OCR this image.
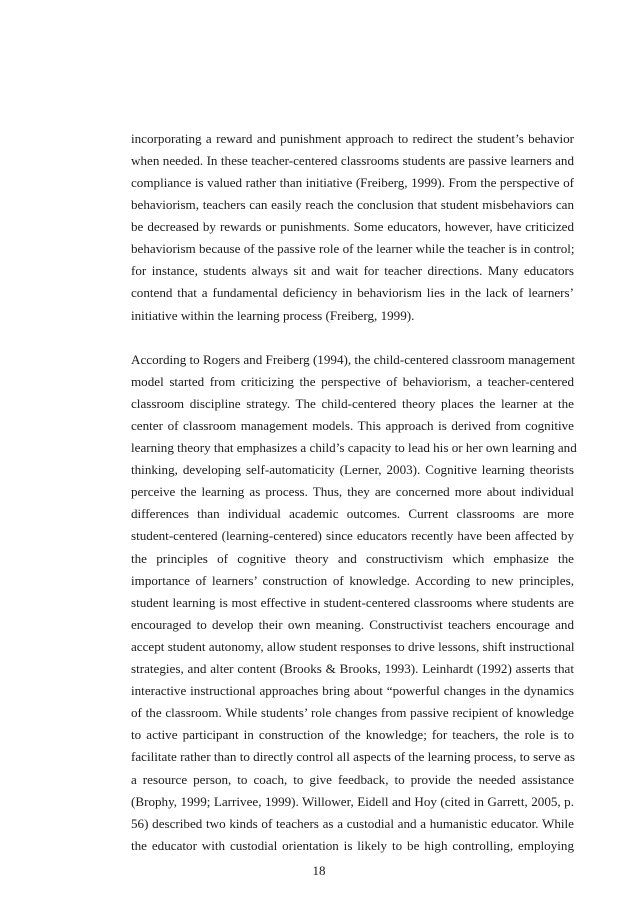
incorporating a reward and punishment approach to redirect the student’s behavior
when needed. In these teacher-centered classrooms students are passive learners and
compliance is valued rather than initiative (Freiberg, 1999). From the perspective of
behaviorism, teachers can easily reach the conclusion that student misbehaviors can
be decreased by rewards or punishments. Some educators, however, have criticized
behaviorism because of the passive role of the learner while the teacher is in control;
for instance, students always sit and wait for teacher directions. Many educators
contend that a fundamental deficiency in behaviorism lies in the lack of learners’
initiative within the learning process (Freiberg, 1999).
According to Rogers and Freiberg (1994), the child-centered classroom management
model started from criticizing the perspective of behaviorism, a teacher-centered
classroom discipline strategy. The child-centered theory places the learner at the
center of classroom management models. This approach is derived from cognitive
learning theory that emphasizes a child’s capacity to lead his or her own learning and
thinking, developing self-automaticity (Lerner, 2003). Cognitive learning theorists
perceive the learning as process. Thus, they are concerned more about individual
differences than individual academic outcomes. Current classrooms are more
student-centered (learning-centered) since educators recently have been affected by
the principles of cognitive theory and constructivism which emphasize the
importance of learners’ construction of knowledge. According to new principles,
student learning is most effective in student-centered classrooms where students are
encouraged to develop their own meaning. Constructivist teachers encourage and
accept student autonomy, allow student responses to drive lessons, shift instructional
strategies, and alter content (Brooks & Brooks, 1993). Leinhardt (1992) asserts that
interactive instructional approaches bring about “powerful changes in the dynamics
of the classroom. While students’ role changes from passive recipient of knowledge
to active participant in construction of the knowledge; for teachers, the role is to
facilitate rather than to directly control all aspects of the learning process, to serve as
a resource person, to coach, to give feedback, to provide the needed assistance
(Brophy, 1999; Larrivee, 1999). Willower, Eidell and Hoy (cited in Garrett, 2005, p.
56) described two kinds of teachers as a custodial and a humanistic educator. While
the educator with custodial orientation is likely to be high controlling, employing
18
